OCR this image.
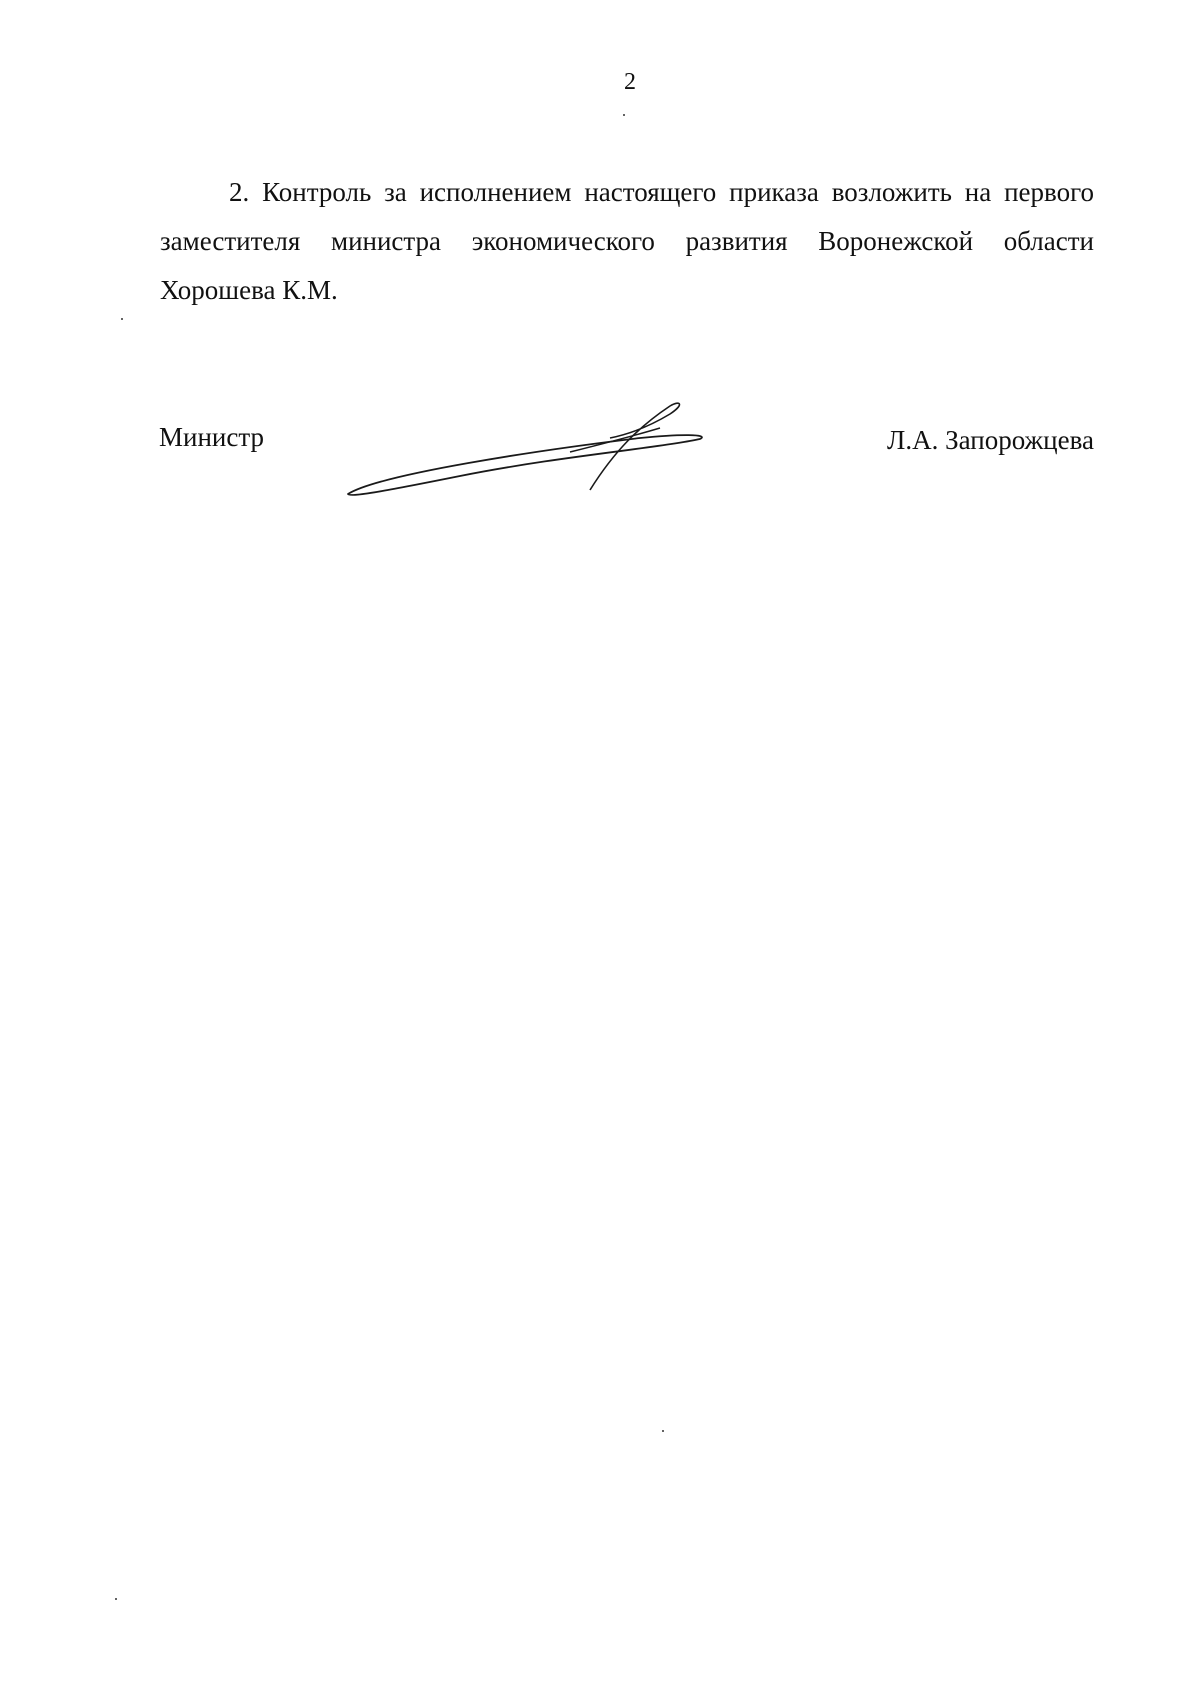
2

2. Контроль за исполнением настоящего приказа возложить на первого заместителя министра экономического развития Воронежской области Хорошева К.М.

Министр	Л.А. Запорожцева
